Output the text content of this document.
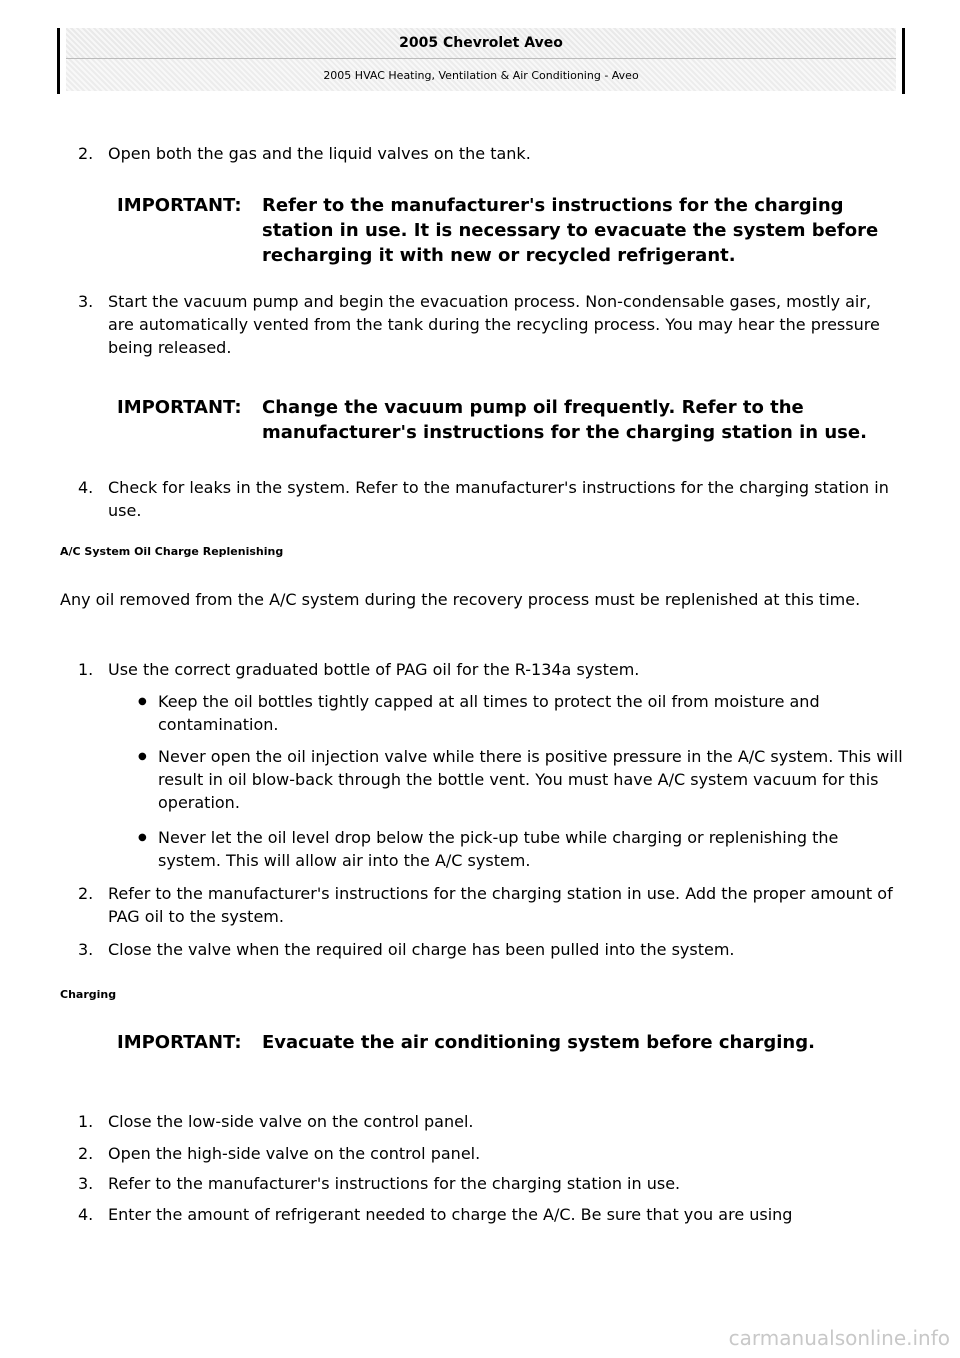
2005 Chevrolet Aveo
2005 HVAC Heating, Ventilation & Air Conditioning - Aveo
2. Open both the gas and the liquid valves on the tank.
IMPORTANT:	Refer to the manufacturer's instructions for the charging station in use. It is necessary to evacuate the system before recharging it with new or recycled refrigerant.
3. Start the vacuum pump and begin the evacuation process. Non-condensable gases, mostly air, are automatically vented from the tank during the recycling process. You may hear the pressure being released.
IMPORTANT:	Change the vacuum pump oil frequently. Refer to the manufacturer's instructions for the charging station in use.
4. Check for leaks in the system. Refer to the manufacturer's instructions for the charging station in use.
A/C System Oil Charge Replenishing
Any oil removed from the A/C system during the recovery process must be replenished at this time.
1. Use the correct graduated bottle of PAG oil for the R-134a system.
● Keep the oil bottles tightly capped at all times to protect the oil from moisture and contamination.
● Never open the oil injection valve while there is positive pressure in the A/C system. This will result in oil blow-back through the bottle vent. You must have A/C system vacuum for this operation.
● Never let the oil level drop below the pick-up tube while charging or replenishing the system. This will allow air into the A/C system.
2. Refer to the manufacturer's instructions for the charging station in use. Add the proper amount of PAG oil to the system.
3. Close the valve when the required oil charge has been pulled into the system.
Charging
IMPORTANT:	Evacuate the air conditioning system before charging.
1. Close the low-side valve on the control panel.
2. Open the high-side valve on the control panel.
3. Refer to the manufacturer's instructions for the charging station in use.
4. Enter the amount of refrigerant needed to charge the A/C. Be sure that you are using
carmanualsonline.info
